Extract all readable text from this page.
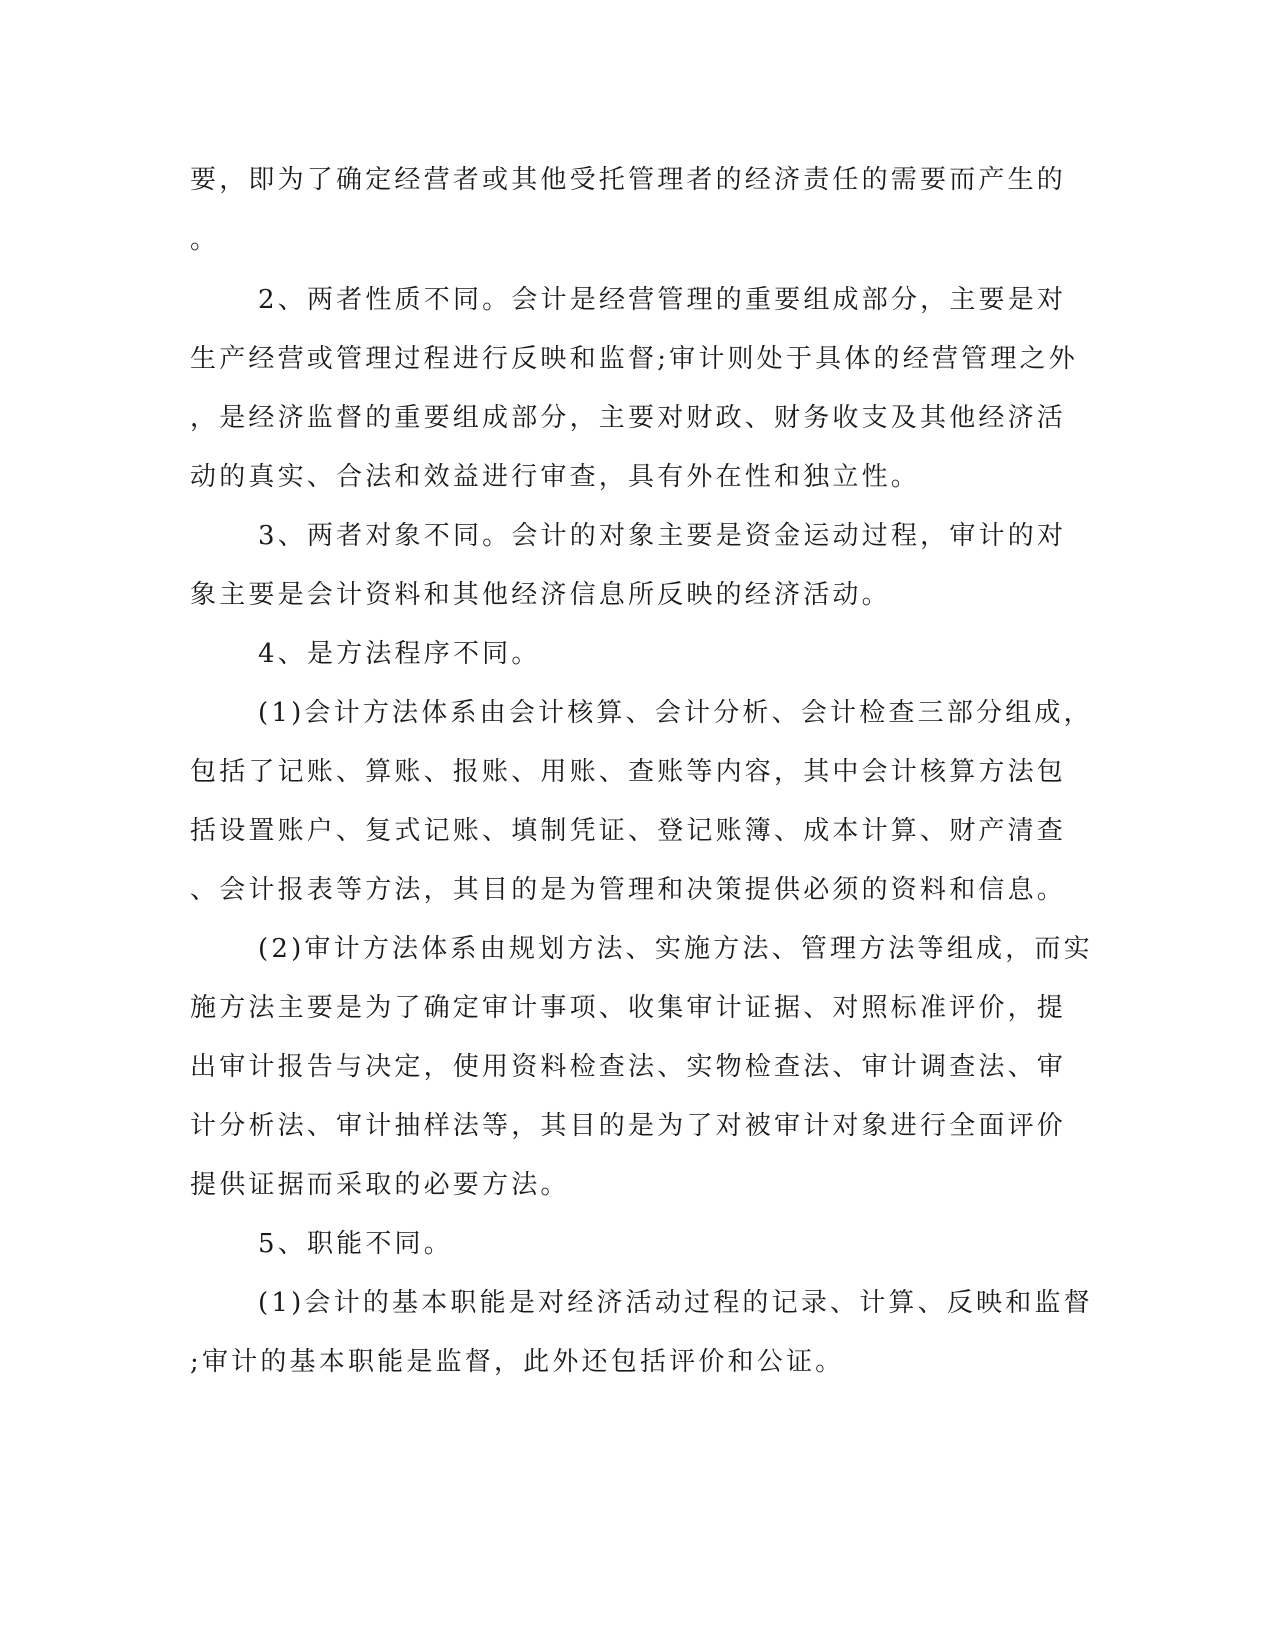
要，即为了确定经营者或其他受托管理者的经济责任的需要而产生的
。
2、两者性质不同。会计是经营管理的重要组成部分，主要是对
生产经营或管理过程进行反映和监督;审计则处于具体的经营管理之外
，是经济监督的重要组成部分，主要对财政、财务收支及其他经济活
动的真实、合法和效益进行审查，具有外在性和独立性。
3、两者对象不同。会计的对象主要是资金运动过程，审计的对
象主要是会计资料和其他经济信息所反映的经济活动。
4、是方法程序不同。
(1)会计方法体系由会计核算、会计分析、会计检查三部分组成，
包括了记账、算账、报账、用账、查账等内容，其中会计核算方法包
括设置账户、复式记账、填制凭证、登记账簿、成本计算、财产清查
、会计报表等方法，其目的是为管理和决策提供必须的资料和信息。
(2)审计方法体系由规划方法、实施方法、管理方法等组成，而实
施方法主要是为了确定审计事项、收集审计证据、对照标准评价，提
出审计报告与决定，使用资料检查法、实物检查法、审计调查法、审
计分析法、审计抽样法等，其目的是为了对被审计对象进行全面评价
提供证据而采取的必要方法。
5、职能不同。
(1)会计的基本职能是对经济活动过程的记录、计算、反映和监督
;审计的基本职能是监督，此外还包括评价和公证。
